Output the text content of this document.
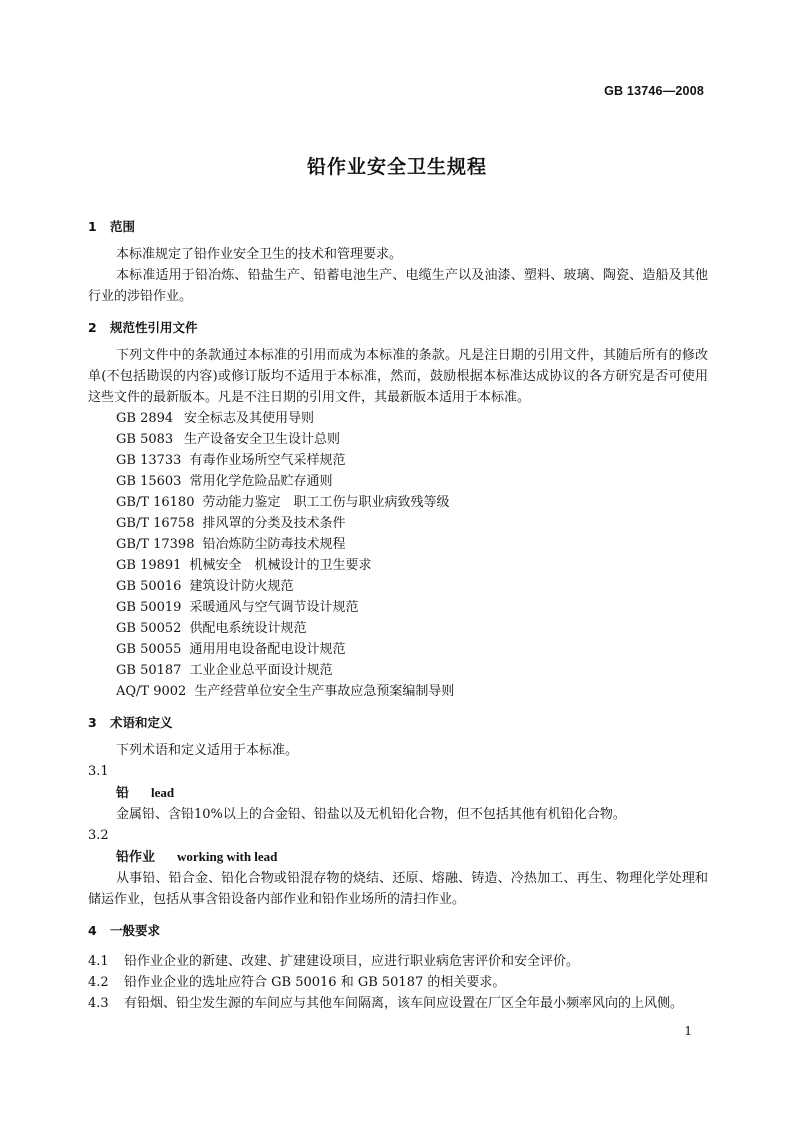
GB 13746—2008
铅作业安全卫生规程

1 范围

本标准规定了铅作业安全卫生的技术和管理要求。

本标准适用于铅冶炼、铅盐生产、铅蓄电池生产、电缆生产以及油漆、塑料、玻璃、陶瓷、造船及其他行业的涉铅作业。

2 规范性引用文件

下列文件中的条款通过本标准的引用而成为本标准的条款。凡是注日期的引用文件，其随后所有的修改单(不包括勘误的内容)或修订版均不适用于本标准，然而，鼓励根据本标准达成协议的各方研究是否可使用这些文件的最新版本。凡是不注日期的引用文件，其最新版本适用于本标准。

GB 2894 安全标志及其使用导则

GB 5083 生产设备安全卫生设计总则

GB 13733 有毒作业场所空气采样规范

GB 15603 常用化学危险品贮存通则

GB/T 16180 劳动能力鉴定　职工工伤与职业病致残等级

GB/T 16758 排风罩的分类及技术条件

GB/T 17398 铅冶炼防尘防毒技术规程

GB 19891 机械安全　机械设计的卫生要求

GB 50016 建筑设计防火规范

GB 50019 采暖通风与空气调节设计规范

GB 50052 供配电系统设计规范

GB 50055 通用用电设备配电设计规范

GB 50187 工业企业总平面设计规范

AQ/T 9002 生产经营单位安全生产事故应急预案编制导则

3 术语和定义

下列术语和定义适用于本标准。

3.1

铅 lead

金属铅、含铅10%以上的合金铅、铅盐以及无机铅化合物，但不包括其他有机铅化合物。

3.2

铅作业 working with lead

从事铅、铅合金、铅化合物或铅混存物的烧结、还原、熔融、铸造、冷热加工、再生、物理化学处理和储运作业，包括从事含铅设备内部作业和铅作业场所的清扫作业。

4 一般要求

4.1 铅作业企业的新建、改建、扩建建设项目，应进行职业病危害评价和安全评价。

4.2 铅作业企业的选址应符合 GB 50016 和 GB 50187 的相关要求。

4.3 有铅烟、铅尘发生源的车间应与其他车间隔离，该车间应设置在厂区全年最小频率风向的上风侧。

1
